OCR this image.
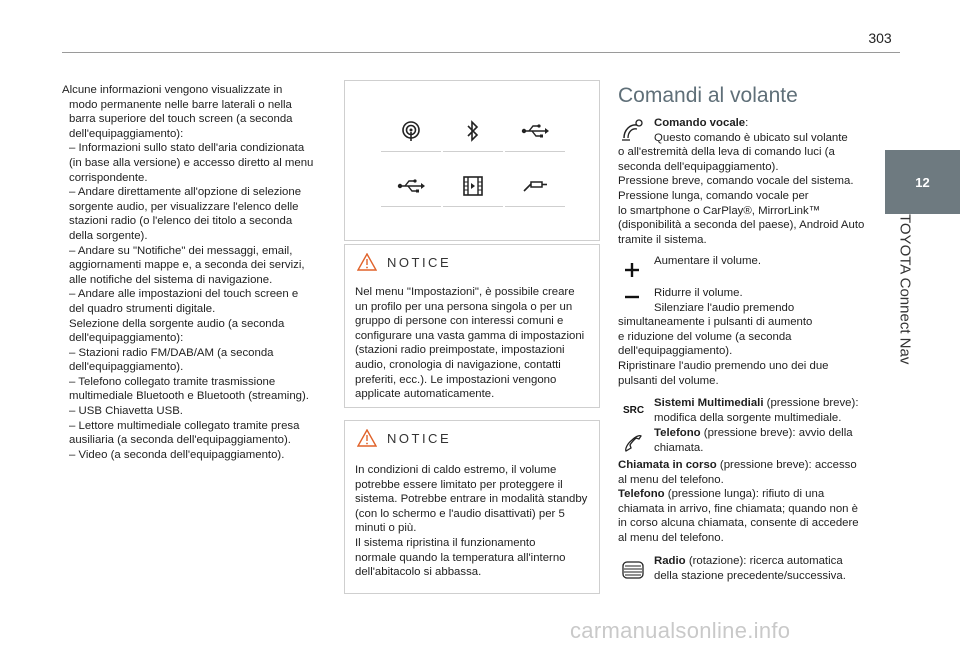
303
12
TOYOTA Connect Nav
Alcune informazioni vengono visualizzate in
modo permanente nelle barre laterali o nella
barra superiore del touch screen (a seconda
dell'equipaggiamento):
– Informazioni sullo stato dell'aria condizionata
(in base alla versione) e accesso diretto al menu
corrispondente.
– Andare direttamente all'opzione di selezione
sorgente audio, per visualizzare l'elenco delle
stazioni radio (o l'elenco dei titolo a seconda
della sorgente).
– Andare su "Notifiche" dei messaggi, email,
aggiornamenti mappe e, a seconda dei servizi,
alle notifiche del sistema di navigazione.
– Andare alle impostazioni del touch screen e
del quadro strumenti digitale.
Selezione della sorgente audio (a seconda
dell'equipaggiamento):
– Stazioni radio FM/DAB/AM (a seconda
dell'equipaggiamento).
– Telefono collegato tramite trasmissione
multimediale Bluetooth e Bluetooth (streaming).
– USB Chiavetta USB.
– Lettore multimediale collegato tramite presa
ausiliaria (a seconda dell'equipaggiamento).
– Video (a seconda dell'equipaggiamento).
NOTICE
Nel menu "Impostazioni", è possibile creare
un profilo per una persona singola o per un
gruppo di persone con interessi comuni e
configurare una vasta gamma di impostazioni
(stazioni radio preimpostate, impostazioni
audio, cronologia di navigazione, contatti
preferiti, ecc.). Le impostazioni vengono
applicate automaticamente.
NOTICE
In condizioni di caldo estremo, il volume
potrebbe essere limitato per proteggere il
sistema. Potrebbe entrare in modalità standby
(con lo schermo e l'audio disattivati) per 5
minuti o più.
Il sistema ripristina il funzionamento
normale quando la temperatura all'interno
dell'abitacolo si abbassa.
Comandi al volante
Comando vocale:
Questo comando è ubicato sul volante
o all'estremità della leva di comando luci (a
seconda dell'equipaggiamento).
Pressione breve, comando vocale del sistema.
Pressione lunga, comando vocale per
lo smartphone o CarPlay®, MirrorLink™
(disponibilità a seconda del paese), Android Auto
tramite il sistema.
Aumentare il volume.
Ridurre il volume.
Silenziare l'audio premendo
simultaneamente i pulsanti di aumento
e riduzione del volume (a seconda
dell'equipaggiamento).
Ripristinare l'audio premendo uno dei due
pulsanti del volume.
SRC
Sistemi Multimediali (pressione breve):
modifica della sorgente multimediale.
Telefono (pressione breve): avvio della
chiamata.
Chiamata in corso (pressione breve): accesso
al menu del telefono.
Telefono (pressione lunga): rifiuto di una
chiamata in arrivo, fine chiamata; quando non è
in corso alcuna chiamata, consente di accedere
al menu del telefono.
Radio (rotazione): ricerca automatica
della stazione precedente/successiva.
carmanualsonline.info
